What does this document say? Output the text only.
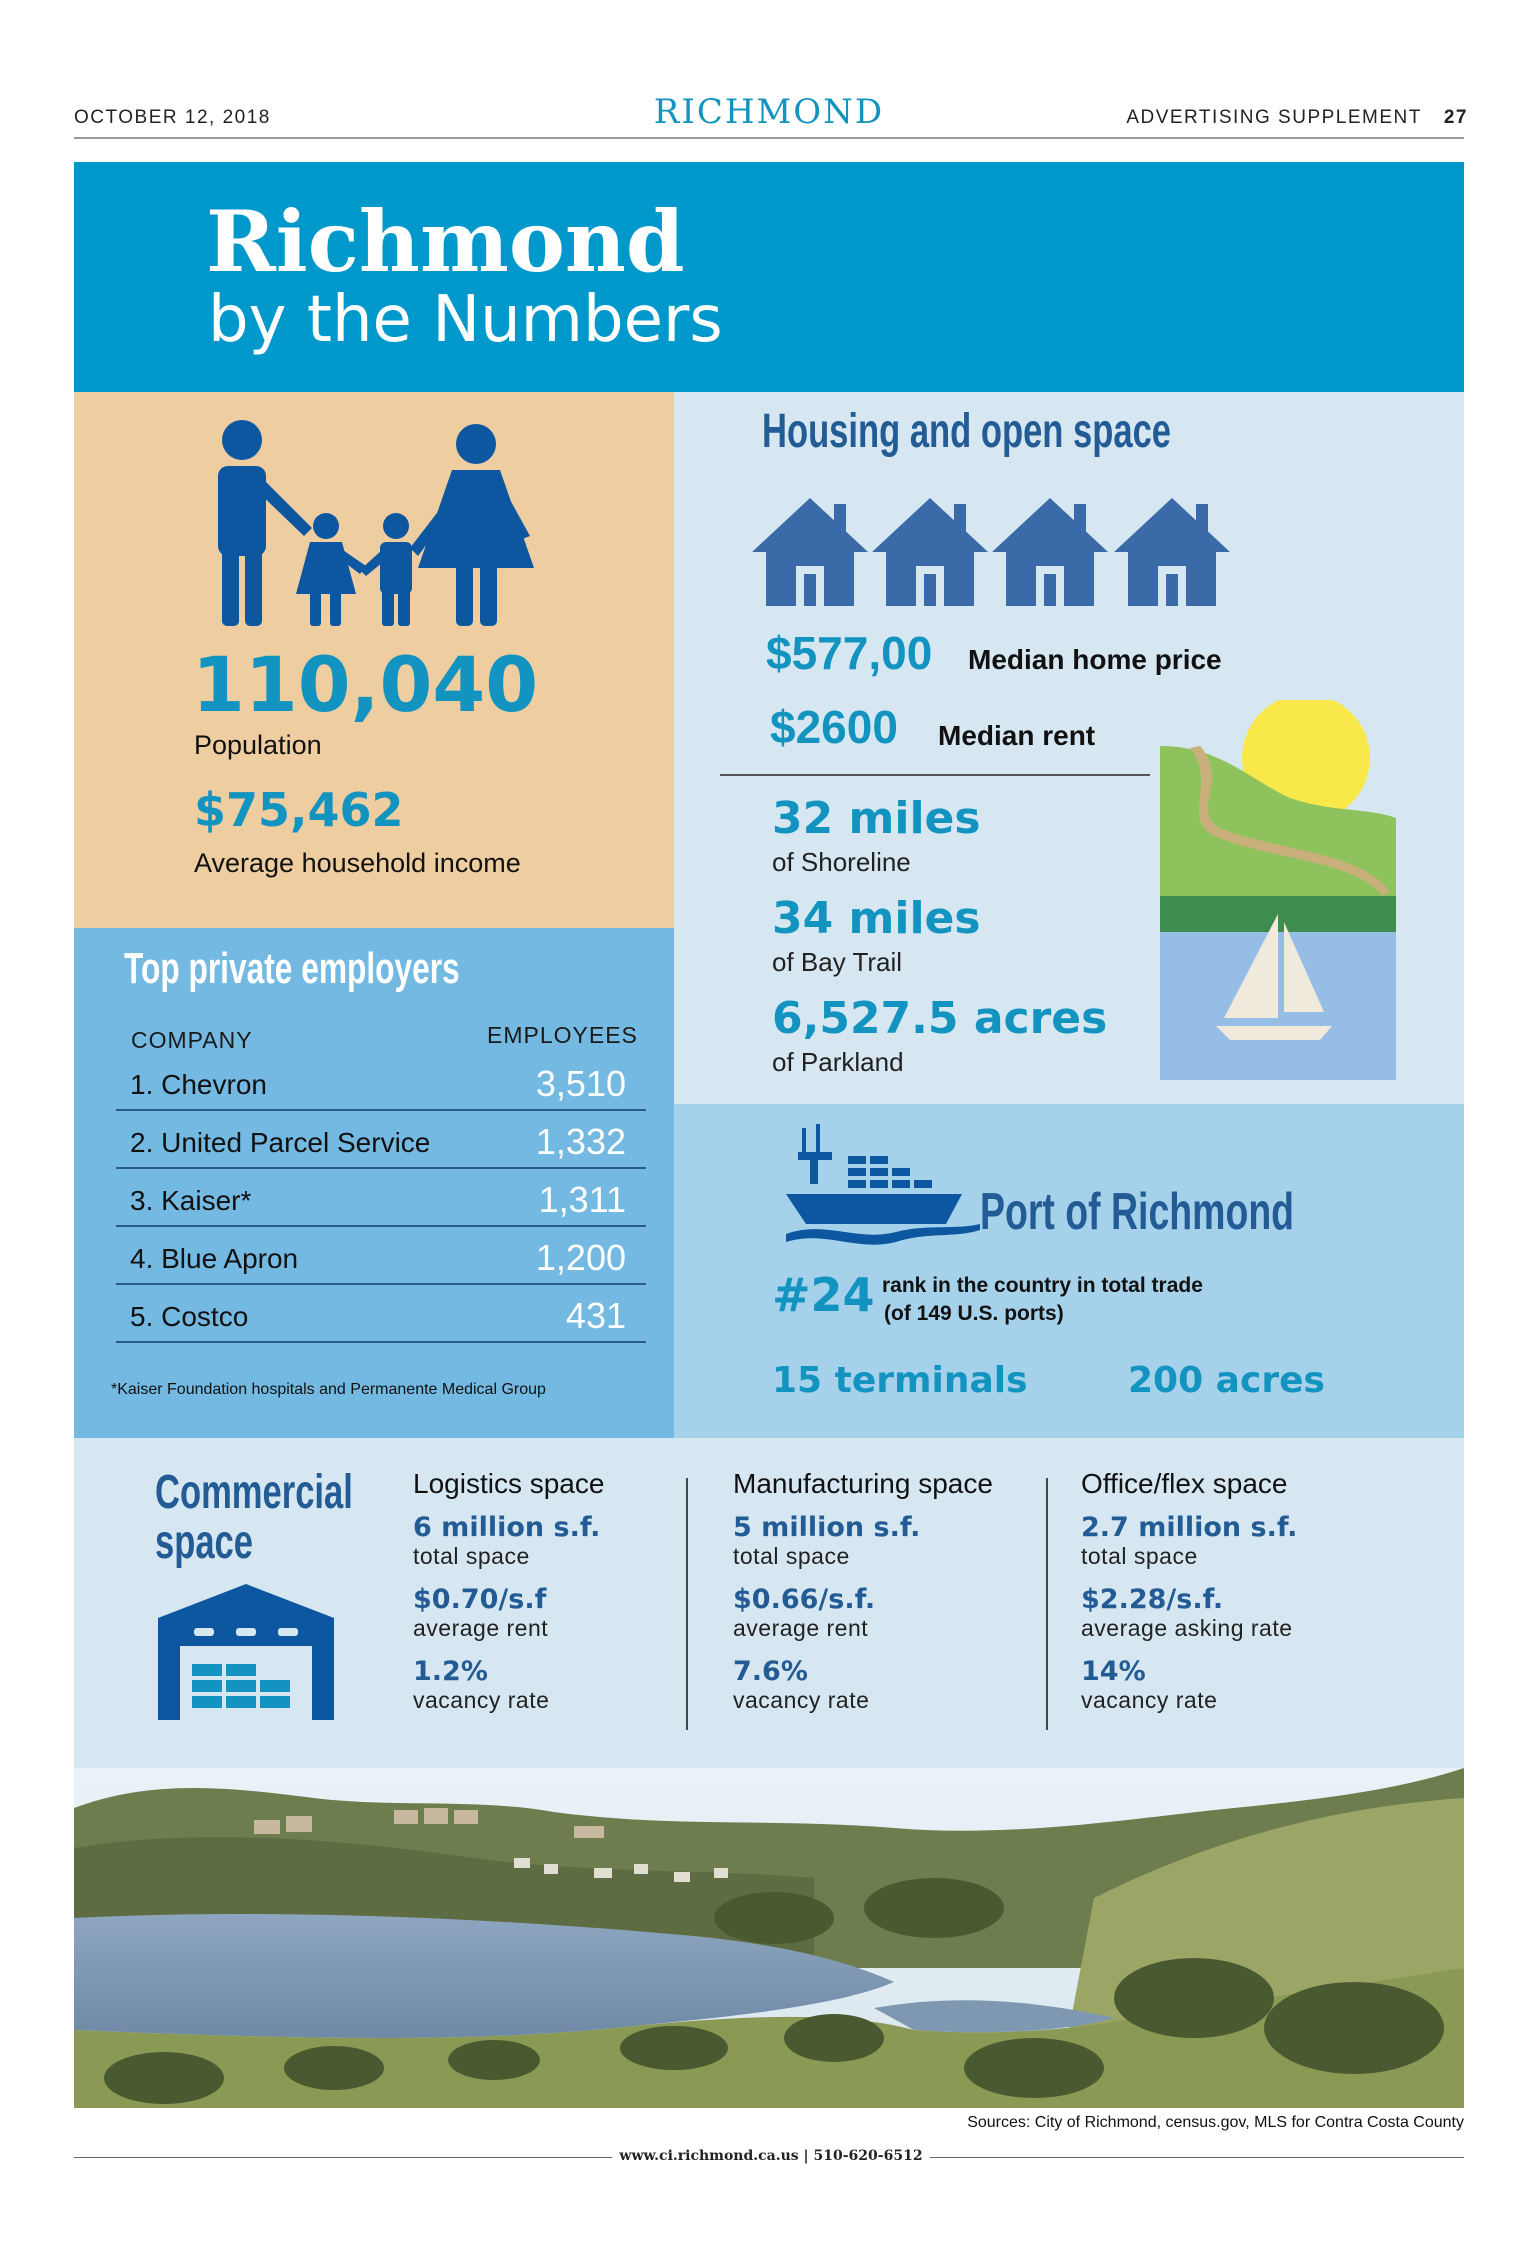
OCTOBER 12, 2018	RICHMOND	ADVERTISING SUPPLEMENT 27
Richmond
by the Numbers
110,040
Population
$75,462
Average household income
Top private employers
COMPANY	EMPLOYEES
1. Chevron	3,510
2. United Parcel Service	1,332
3. Kaiser*	1,311
4. Blue Apron	1,200
5. Costco	431
*Kaiser Foundation hospitals and Permanente Medical Group
Housing and open space
$577,00 Median home price
$2600 Median rent
32 miles
of Shoreline
34 miles
of Bay Trail
6,527.5 acres
of Parkland
Port of Richmond
#24 rank in the country in total trade
(of 149 U.S. ports)
15 terminals	200 acres
Commercial
space
Logistics space
6 million s.f.
total space
$0.70/s.f
average rent
1.2%
vacancy rate
Manufacturing space
5 million s.f.
total space
$0.66/s.f.
average rent
7.6%
vacancy rate
Office/flex space
2.7 million s.f.
total space
$2.28/s.f.
average asking rate
14%
vacancy rate
Sources: City of Richmond, census.gov, MLS for Contra Costa County
www.ci.richmond.ca.us | 510-620-6512
